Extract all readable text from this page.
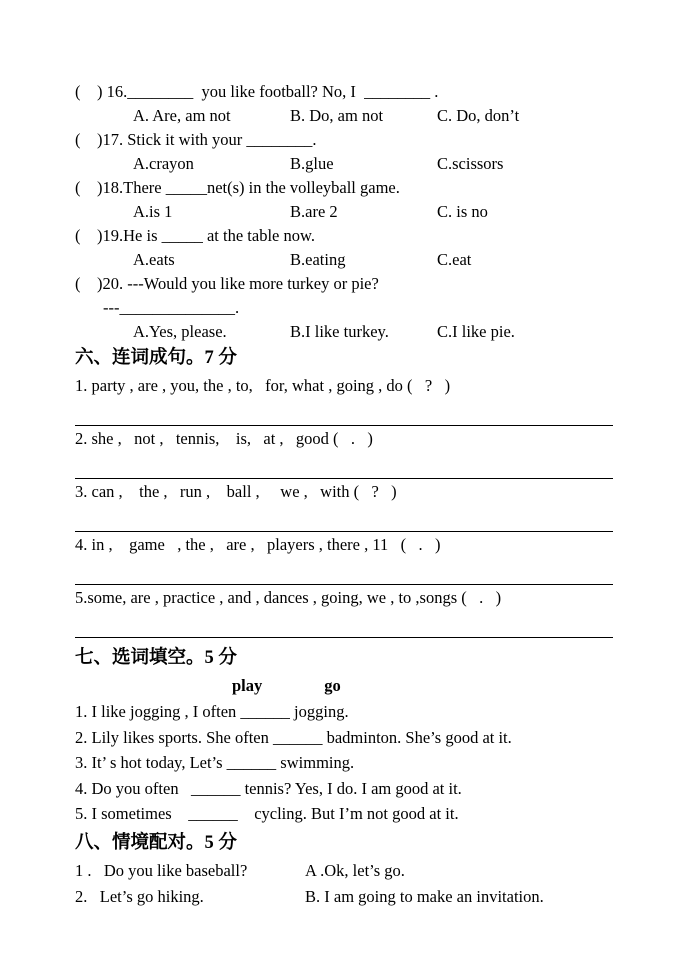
(    ) 16.________  you like football? No, I  ________ .
A. Are, am not	B. Do, am not	C. Do, don’t
(    )17. Stick it with your ________.
A.crayon	B.glue	C.scissors
(    )18.There _____net(s) in the volleyball game.
A.is 1	B.are 2	C. is no
(    )19.He is _____ at the table now.
A.eats	B.eating	C.eat
(    )20. ---Would you like more turkey or pie?
---______________.
A.Yes, please.	B.I like turkey.	C.I like pie.
六、连词成句。7 分
1. party , are , you, the , to,   for, what , going , do (   ?   )
2. she ,   not ,   tennis,    is,   at ,   good (   .   )
3. can ,    the ,   run ,    ball ,     we ,   with (   ?   )
4. in ,    game   , the ,   are ,   players , there , 11   (   .   )
5.some, are , practice , and , dances , going, we , to ,songs (   .   )
七、选词填空。5 分
play	go
1. I like jogging , I often ______ jogging.
2. Lily likes sports. She often ______ badminton. She’s good at it.
3. It’ s hot today, Let’s ______ swimming.
4. Do you often   ______ tennis? Yes, I do. I am good at it.
5. I sometimes    ______    cycling. But I’m not good at it.
八、情境配对。5 分
1 .   Do you like baseball?	A .Ok, let’s go.
2.   Let’s go hiking.	B. I am going to make an invitation.
